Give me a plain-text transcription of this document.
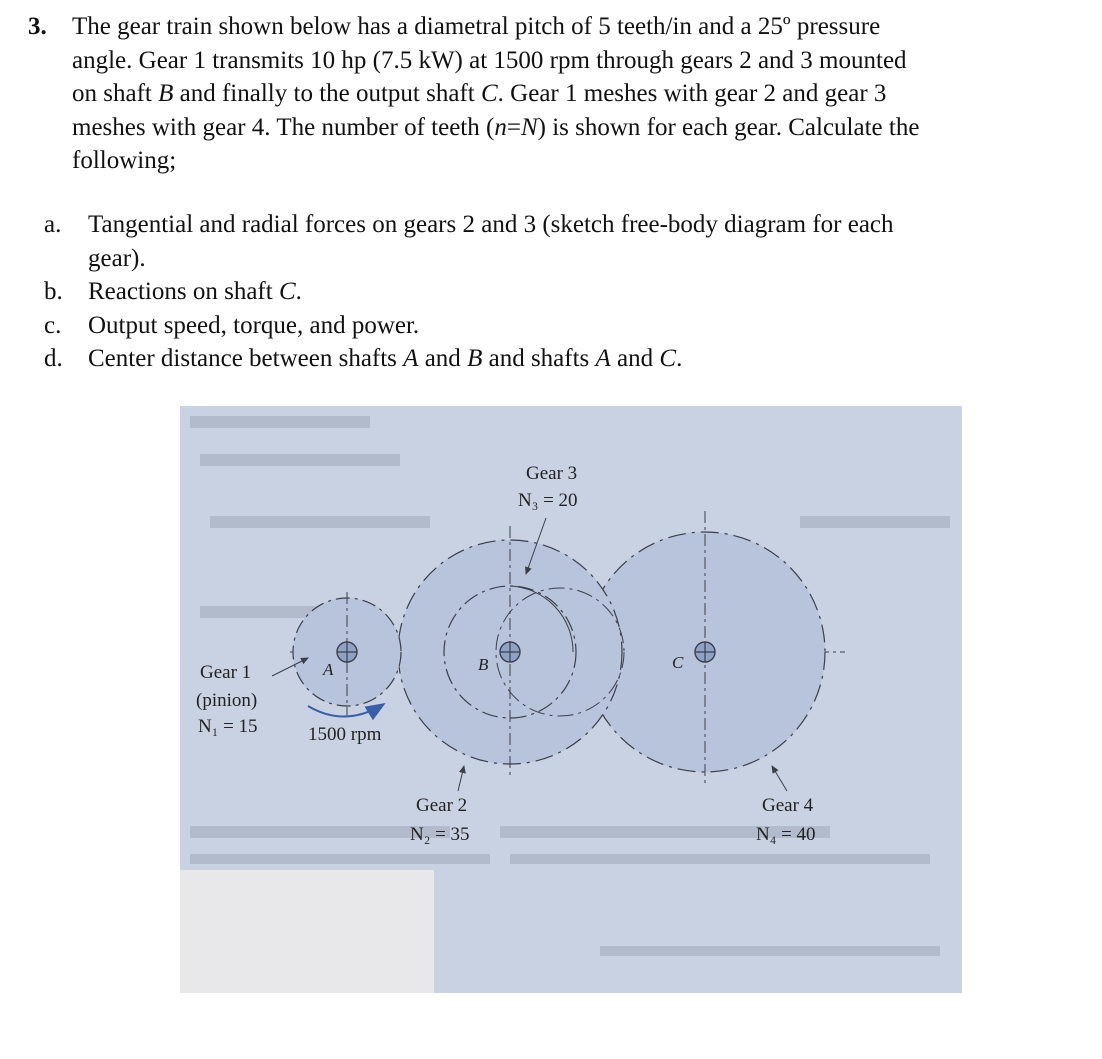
3. The gear train shown below has a diametral pitch of 5 teeth/in and a 25º pressure
angle. Gear 1 transmits 10 hp (7.5 kW) at 1500 rpm through gears 2 and 3 mounted
on shaft B and finally to the output shaft C. Gear 1 meshes with gear 2 and gear 3
meshes with gear 4. The number of teeth (n=N) is shown for each gear. Calculate the
following;
a.	Tangential and radial forces on gears 2 and 3 (sketch free-body diagram for each
gear).
b.	Reactions on shaft C.
c.	Output speed, torque, and power.
d.	Center distance between shafts A and B and shafts A and C.
A	B	C
Gear 1
(pinion)
N₁ = 15	1500 rpm
Gear 3
N₃ = 20
Gear 2
N₂ = 35
Gear 4
N₄ = 40
